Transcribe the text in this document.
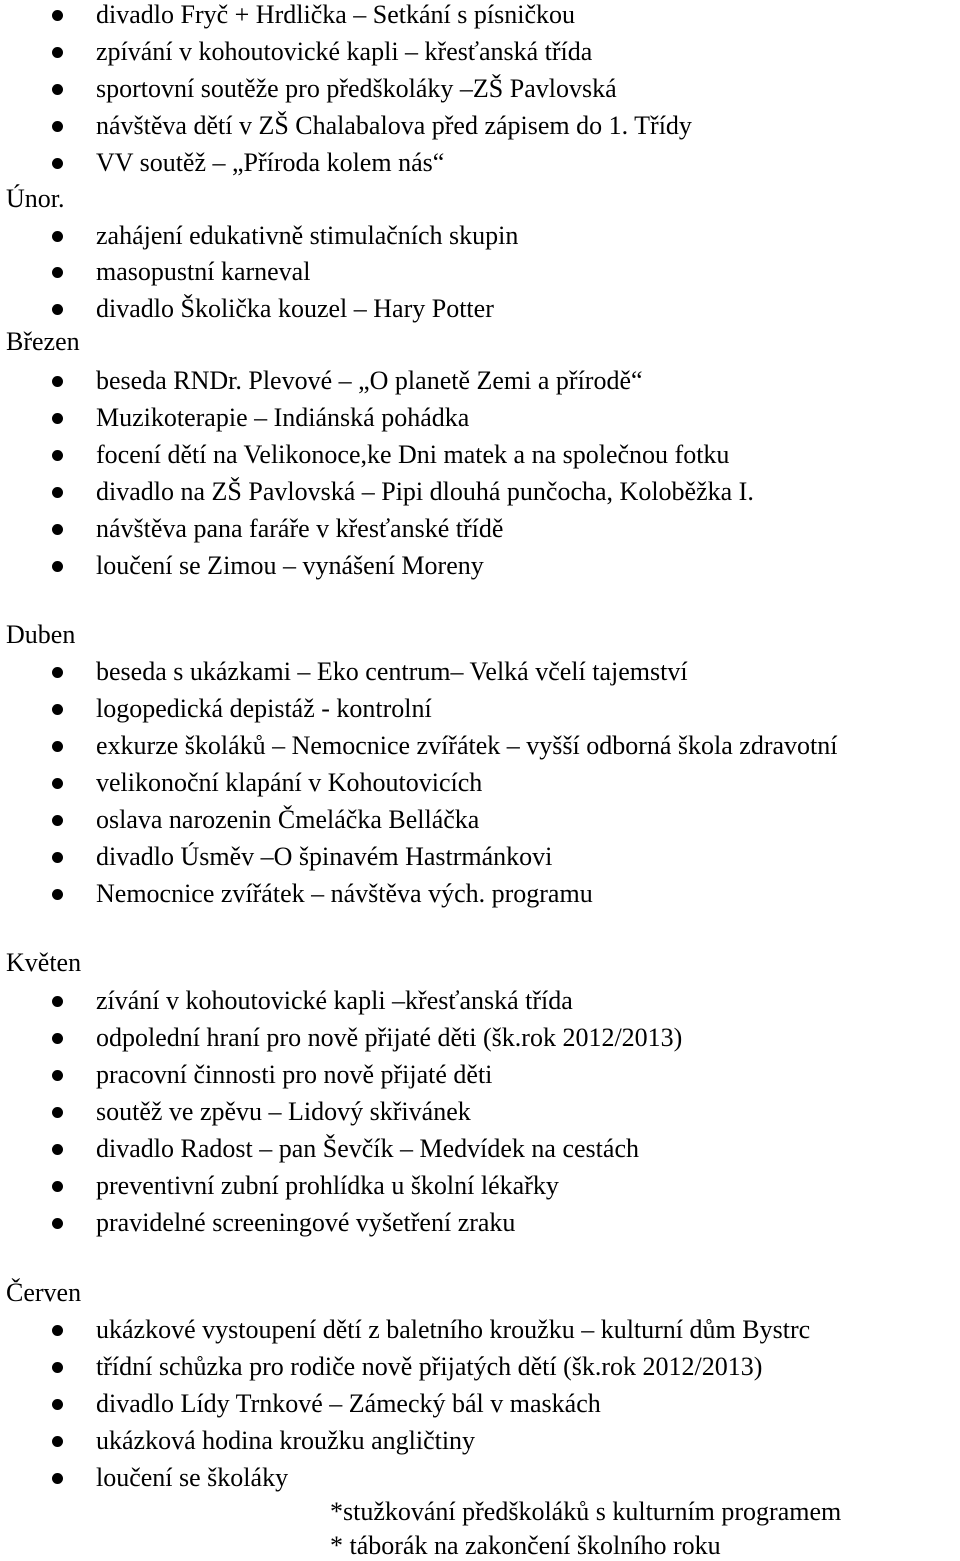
divadlo Fryč + Hrdlička – Setkání s písničkou
zpívání v kohoutovické kapli – křesťanská třída
sportovní soutěže pro předškoláky –ZŠ Pavlovská
návštěva dětí v ZŠ Chalabalova před zápisem do 1. Třídy
VV soutěž – „Příroda kolem nás“
Únor.
zahájení edukativně stimulačních skupin
masopustní karneval
divadlo Školička kouzel – Hary Potter
Březen
beseda RNDr. Plevové – „O planetě Zemi a přírodě“
Muzikoterapie – Indiánská pohádka
focení dětí na Velikonoce,ke Dni matek a na společnou fotku
divadlo na ZŠ Pavlovská – Pipi dlouhá punčocha, Koloběžka I.
návštěva pana faráře v křesťanské třídě
loučení se Zimou – vynášení Moreny
Duben
beseda s ukázkami – Eko centrum– Velká včelí tajemství
logopedická depistáž - kontrolní
exkurze školáků – Nemocnice zvířátek – vyšší odborná škola zdravotní
velikonoční klapání v Kohoutovicích
oslava narozenin Čmeláčka Belláčka
divadlo Úsměv –O špinavém Hastrmánkovi
Nemocnice zvířátek – návštěva vých. programu
Květen
zívání v kohoutovické kapli –křesťanská třída
odpolední hraní pro nově přijaté děti (šk.rok 2012/2013)
pracovní činnosti pro nově přijaté děti
soutěž ve zpěvu – Lidový skřivánek
divadlo Radost – pan Ševčík – Medvídek na cestách
preventivní zubní prohlídka u školní lékařky
pravidelné screeningové vyšetření zraku
Červen
ukázkové vystoupení dětí z baletního kroužku – kulturní dům Bystrc
třídní schůzka pro rodiče nově přijatých dětí (šk.rok 2012/2013)
divadlo Lídy Trnkové – Zámecký bál v maskách
ukázková hodina kroužku angličtiny
loučení se školáky
*stužkování předškoláků s kulturním programem
* táborák na zakončení školního roku
